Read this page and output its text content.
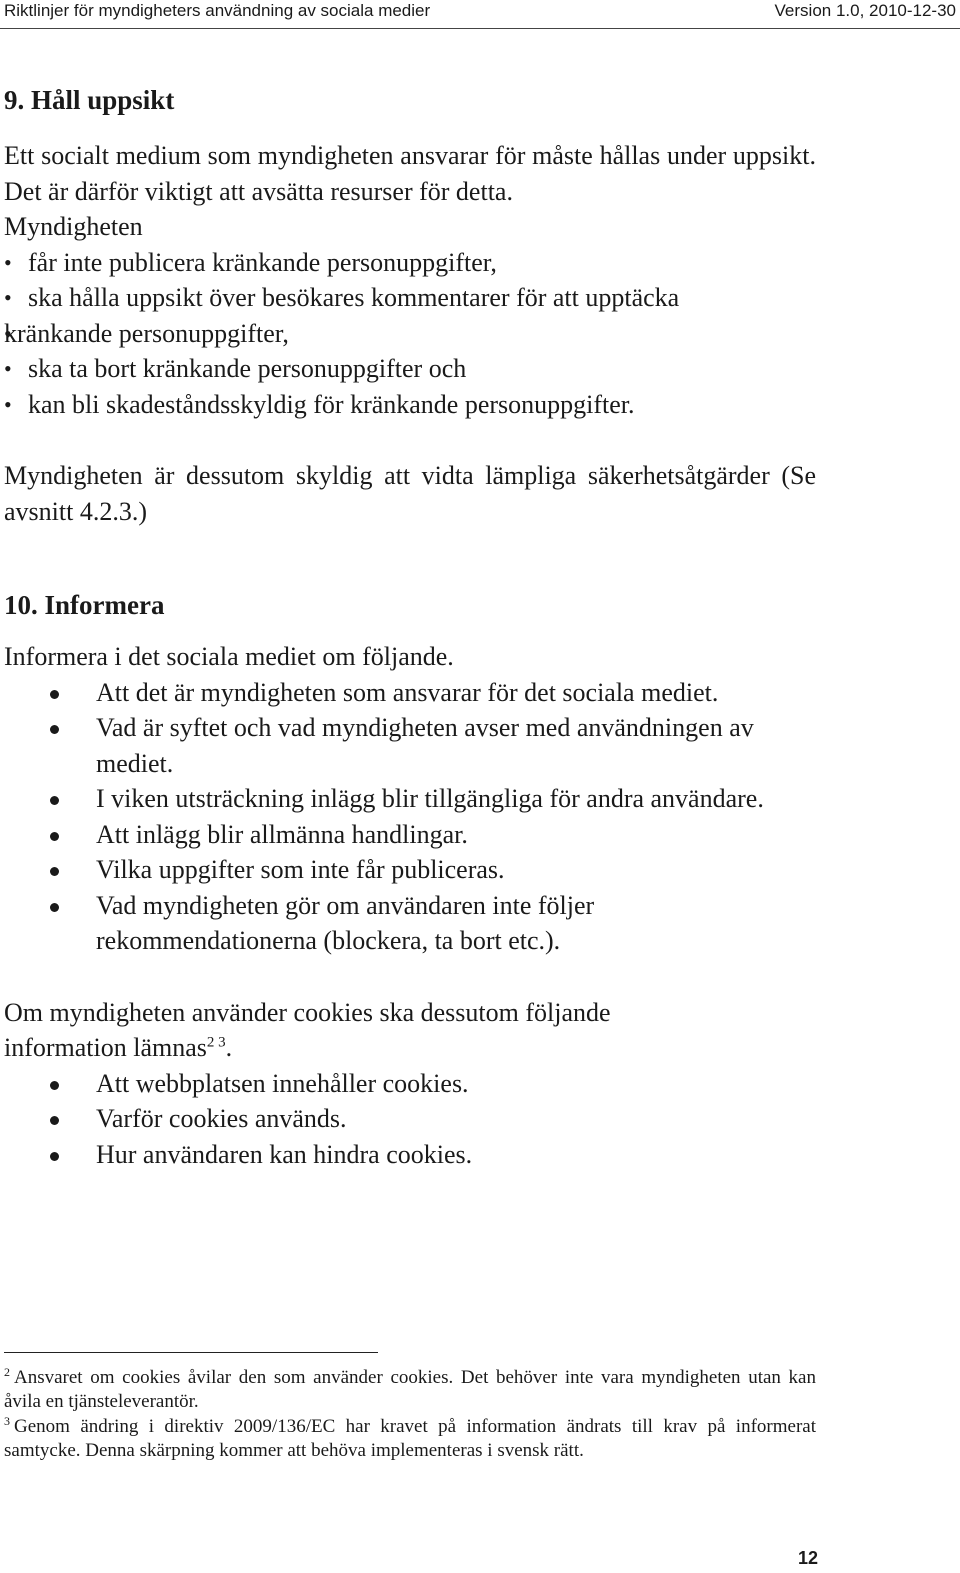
Riktlinjer för myndigheters användning av sociala medier	Version 1.0, 2010-12-30
9. Håll uppsikt

Ett socialt medium som myndigheten ansvarar för måste hållas under uppsikt. Det är därför viktigt att avsätta resurser för detta.

Myndigheten

• får inte publicera kränkande personuppgifter,
• ska hålla uppsikt över besökares kommentarer för att upptäcka
• kränkande personuppgifter,
• ska ta bort kränkande personuppgifter och
• kan bli skadeståndsskyldig för kränkande personuppgifter.

Myndigheten är dessutom skyldig att vidta lämpliga säkerhetsåtgärder (Se avsnitt 4.2.3.)

10. Informera

Informera i det sociala mediet om följande.

Att det är myndigheten som ansvarar för det sociala mediet.
Vad är syftet och vad myndigheten avser med användningen av mediet.
I viken utsträckning inlägg blir tillgängliga för andra användare.
Att inlägg blir allmänna handlingar.
Vilka uppgifter som inte får publiceras.
Vad myndigheten gör om användaren inte följer rekommendationerna (blockera, ta bort etc.).

Om myndigheten använder cookies ska dessutom följande information lämnas$^{2 3}$.

Att webbplatsen innehåller cookies.
Varför cookies används.
Hur användaren kan hindra cookies.

$^2$ Ansvaret om cookies åvilar den som använder cookies. Det behöver inte vara myndigheten utan kan åvila en tjänsteleverantör.

$^3$ Genom ändring i direktiv 2009/136/EC har kravet på information ändrats till krav på informerat samtycke. Denna skärpning kommer att behöva implementeras i svensk rätt.

12
